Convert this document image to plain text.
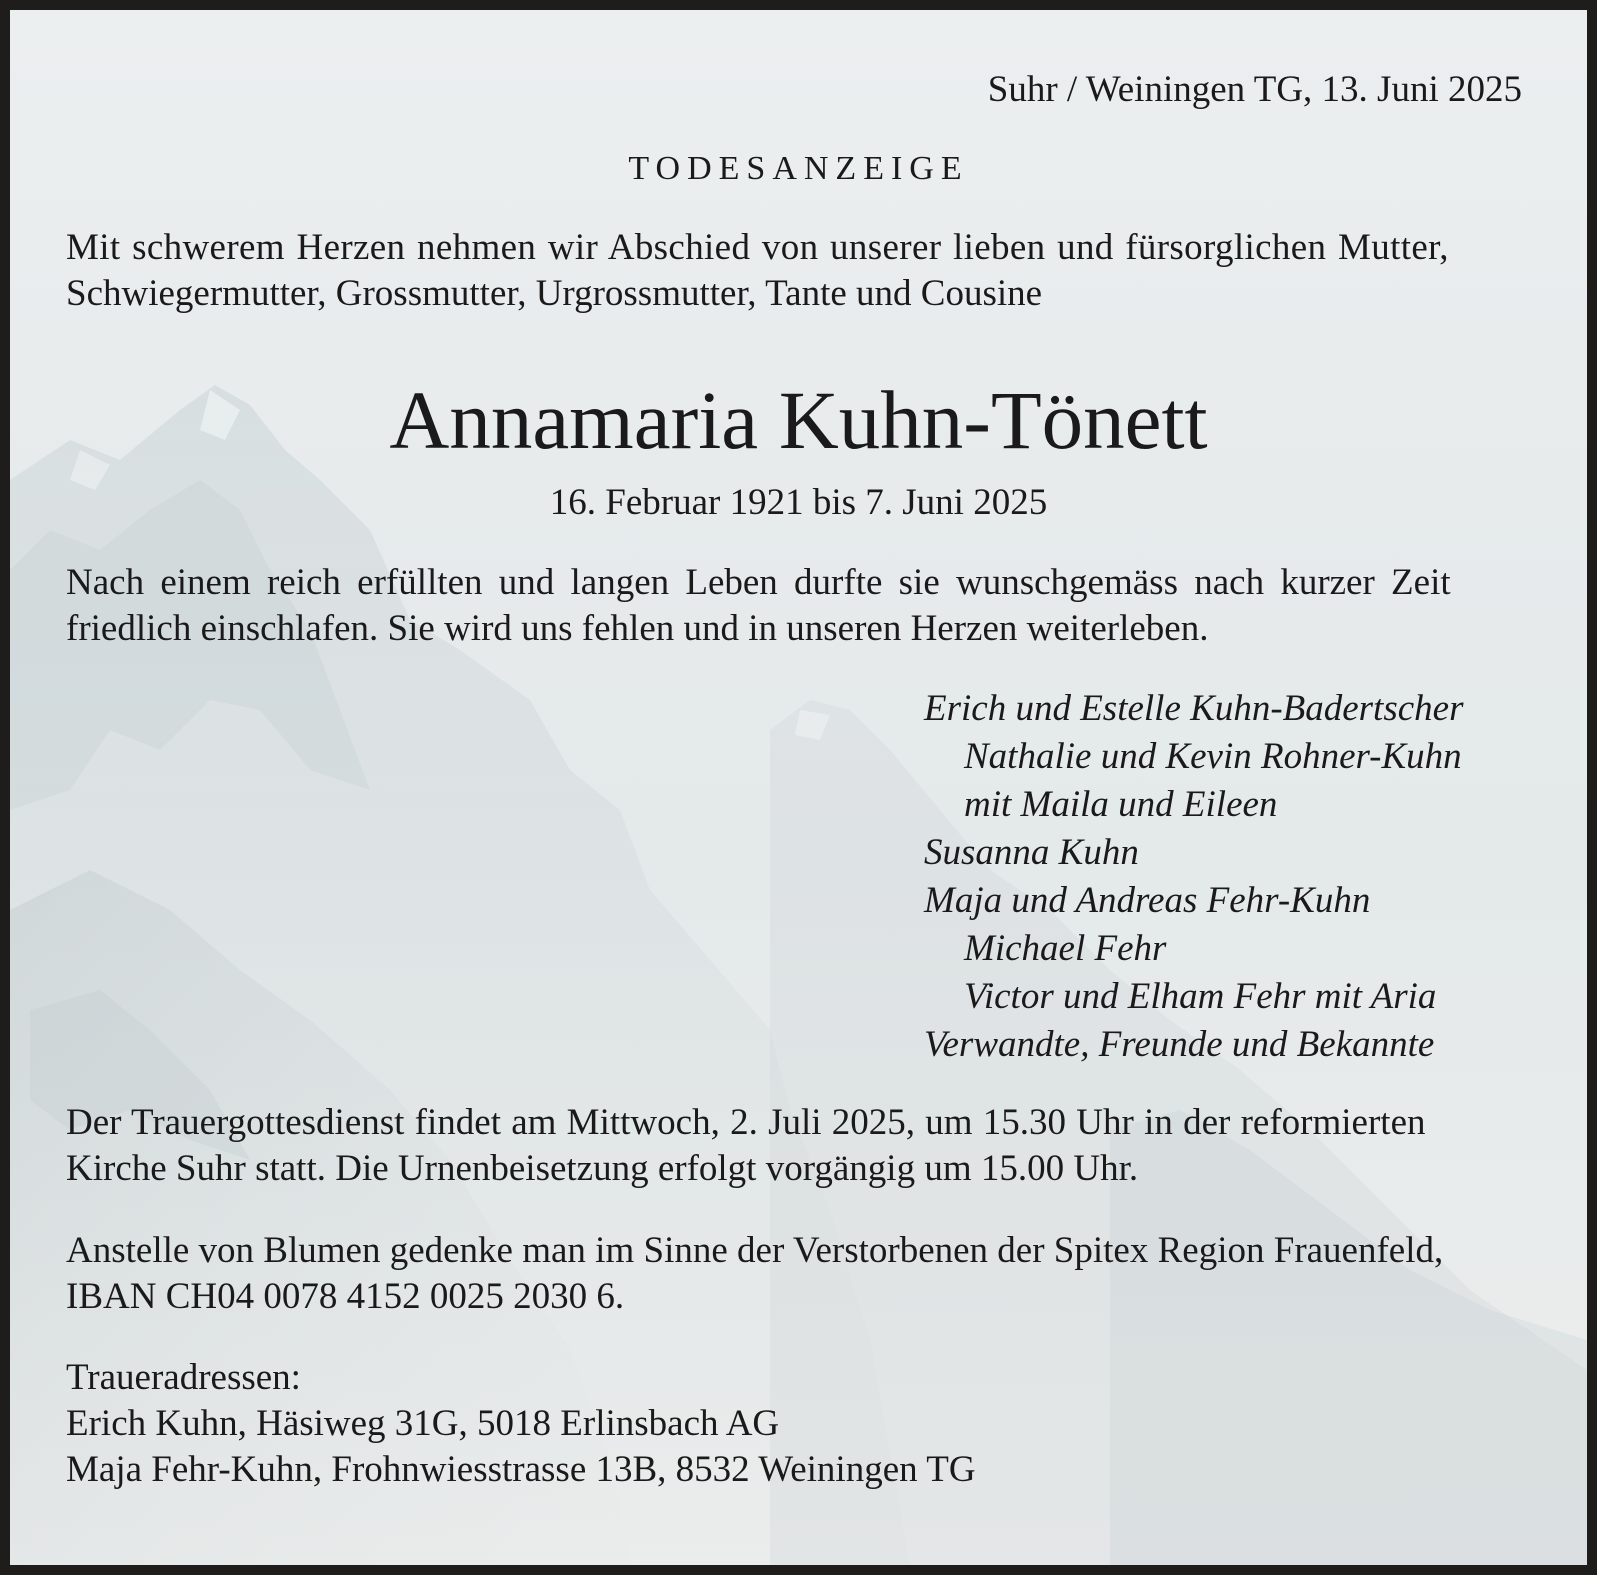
Suhr / Weiningen TG, 13. Juni 2025

TODESANZEIGE

Mit schwerem Herzen nehmen wir Abschied von unserer lieben und fürsorglichen Mutter,
Schwiegermutter, Grossmutter, Urgrossmutter, Tante und Cousine

Annamaria Kuhn-Tönett

16. Februar 1921 bis 7. Juni 2025

Nach einem reich erfüllten und langen Leben durfte sie wunschgemäss nach kurzer Zeit
friedlich einschlafen. Sie wird uns fehlen und in unseren Herzen weiterleben.

Erich und Estelle Kuhn-Badertscher

Nathalie und Kevin Rohner-Kuhn

mit Maila und Eileen

Susanna Kuhn

Maja und Andreas Fehr-Kuhn

Michael Fehr

Victor und Elham Fehr mit Aria

Verwandte, Freunde und Bekannte

Der Trauergottesdienst findet am Mittwoch, 2. Juli 2025, um 15.30 Uhr in der reformierten
Kirche Suhr statt. Die Urnenbeisetzung erfolgt vorgängig um 15.00 Uhr.
Anstelle von Blumen gedenke man im Sinne der Verstorbenen der Spitex Region Frauenfeld,
IBAN CH04 0078 4152 0025 2030 6.
Traueradressen:
Erich Kuhn, Häsiweg 31G, 5018 Erlinsbach AG
Maja Fehr-Kuhn, Frohnwiesstrasse 13B, 8532 Weiningen TG
